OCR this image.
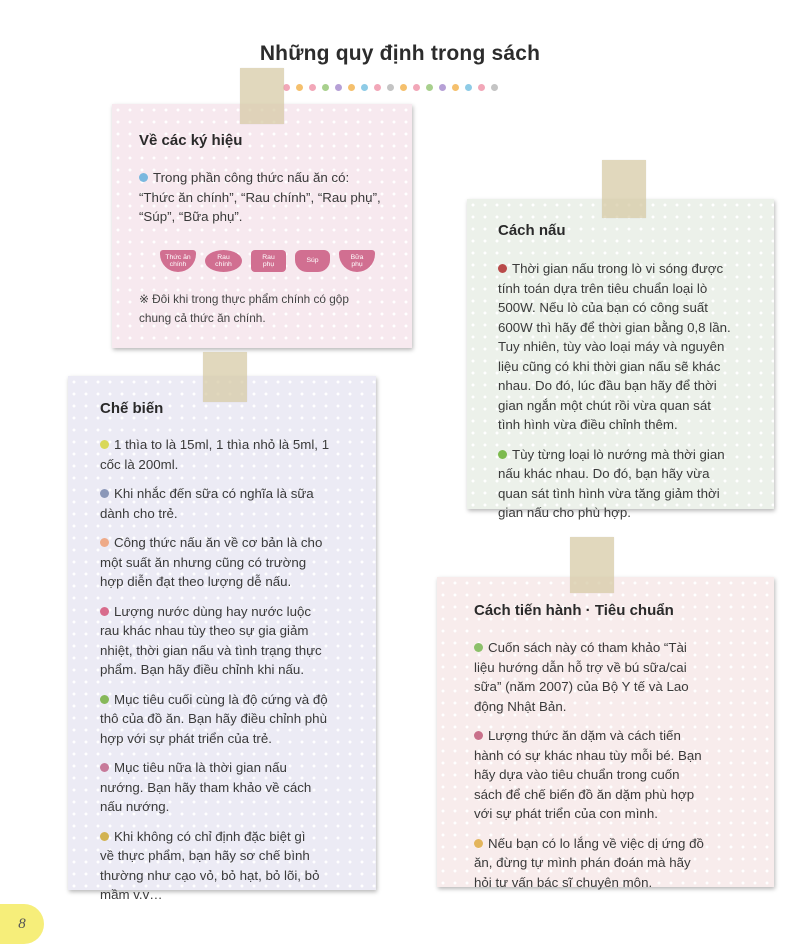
Những quy định trong sách
Về các ký hiệu
Trong phần công thức nấu ăn có:
“Thức ăn chính”, “Rau chính”, “Rau phụ”,
“Súp”, “Bữa phụ”.
Thức ăn
chính
Rau
chính
Rau
phụ
Súp
Bữa
phụ
※ Đôi khi trong thực phẩm chính có gộp
chung cả thức ăn chính.
Cách nấu
Thời gian nấu trong lò vi sóng được
tính toán dựa trên tiêu chuẩn loại lò
500W. Nếu lò của bạn có công suất
600W thì hãy để thời gian bằng 0,8 lần.
Tuy nhiên, tùy vào loại máy và nguyên
liệu cũng có khi thời gian nấu sẽ khác
nhau. Do đó, lúc đầu bạn hãy để thời
gian ngắn một chút rồi vừa quan sát
tình hình vừa điều chỉnh thêm.
Tùy từng loại lò nướng mà thời gian
nấu khác nhau. Do đó, bạn hãy vừa
quan sát tình hình vừa tăng giảm thời
gian nấu cho phù hợp.
Chế biến
1 thìa to là 15ml, 1 thìa nhỏ là 5ml, 1
cốc là 200ml.
Khi nhắc đến sữa có nghĩa là sữa
dành cho trẻ.
Công thức nấu ăn về cơ bản là cho
một suất ăn nhưng cũng có trường
hợp diễn đạt theo lượng dễ nấu.
Lượng nước dùng hay nước luộc
rau khác nhau tùy theo sự gia giảm
nhiệt, thời gian nấu và tình trạng thực
phẩm. Bạn hãy điều chỉnh khi nấu.
Mục tiêu cuối cùng là độ cứng và độ
thô của đồ ăn. Bạn hãy điều chỉnh phù
hợp với sự phát triển của trẻ.
Mục tiêu nữa là thời gian nấu
nướng. Bạn hãy tham khảo về cách
nấu nướng.
Khi không có chỉ định đặc biệt gì
về thực phẩm, bạn hãy sơ chế bình
thường như cạo vỏ, bỏ hạt, bỏ lõi, bỏ
mầm v.v…
Cách tiến hành · Tiêu chuẩn
Cuốn sách này có tham khảo “Tài
liệu hướng dẫn hỗ trợ về bú sữa/cai
sữa” (năm 2007) của Bộ Y tế và Lao
động Nhật Bản.
Lượng thức ăn dặm và cách tiến
hành có sự khác nhau tùy mỗi bé. Bạn
hãy dựa vào tiêu chuẩn trong cuốn
sách để chế biến đồ ăn dặm phù hợp
với sự phát triển của con mình.
Nếu bạn có lo lắng về việc dị ứng đồ
ăn, đừng tự mình phán đoán mà hãy
hỏi tư vấn bác sĩ chuyên môn.
8
